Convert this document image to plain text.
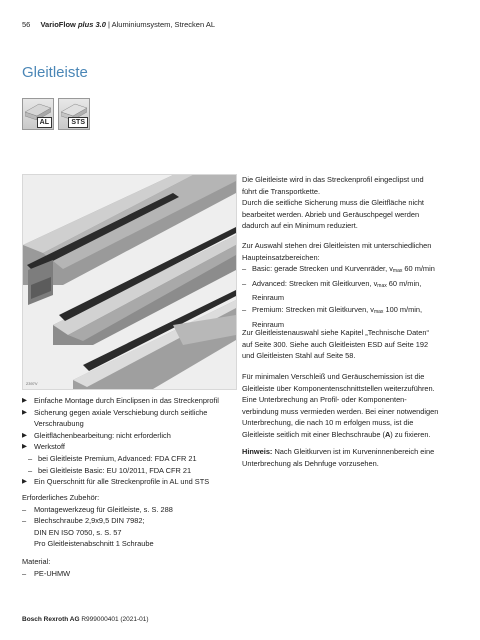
56 VarioFlow plus 3.0 | Aluminiumsystem, Strecken AL
Gleitleiste
AL	STS
2397V

Die Gleitleiste wird in das Streckenprofil eingeclipst und

führt die Transportkette.

Durch die seitliche Sicherung muss die Gleitfläche nicht

bearbeitet werden. Abrieb und Geräuschpegel werden

dadurch auf ein Minimum reduziert.

Zur Auswahl stehen drei Gleitleisten mit unterschiedlichen

Haupteinsatzbereichen:

– Basic: gerade Strecken und Kurvenräder, $v_{max}$ 60 m/min
– Advanced: Strecken mit Gleitkurven, $v_{max}$ 60 m/min,
Reinraum
– Premium: Strecken mit Gleitkurven, $v_{max}$ 100 m/min,
Reinraum

Zur Gleitleistenauswahl siehe Kapitel „Technische Daten“

auf Seite 300. Siehe auch Gleitleisten ESD auf Seite 192

und Gleitleisten Stahl auf Seite 58.

Für minimalen Verschleiß und Geräuschemission ist die

Gleitleiste über Komponentenschnittstellen weiterzuführen.

Eine Unterbrechung an Profil- oder Komponenten-

verbindung muss vermieden werden. Bei einer notwendigen

Unterbrechung, die nach 10 m erfolgen muss, ist die

Gleitleiste seitlich mit einer Blechschraube (A) zu fixieren.

Hinweis: Nach Gleitkurven ist im Kurveninnenbereich eine

Unterbrechung als Dehnfuge vorzusehen.

▶ Einfache Montage durch Einclipsen in das Streckenprofil
▶ Sicherung gegen axiale Verschiebung durch seitliche
Verschraubung
▶ Gleitflächenbearbeitung: nicht erforderlich
▶ Werkstoff
– bei Gleitleiste Premium, Advanced: FDA CFR 21
– bei Gleitleiste Basic: EU 10/2011, FDA CFR 21
▶ Ein Querschnitt für alle Streckenprofile in AL und STS

Erforderliches Zubehör:

– Montagewerkzeug für Gleitleiste, s. S. 288
– Blechschraube 2,9x9,5 DIN 7982;
DIN EN ISO 7050, s. S. 57
Pro Gleitleistenabschnitt 1 Schraube

Material:

– PE-UHMW
Bosch Rexroth AG R999000401 (2021-01)
